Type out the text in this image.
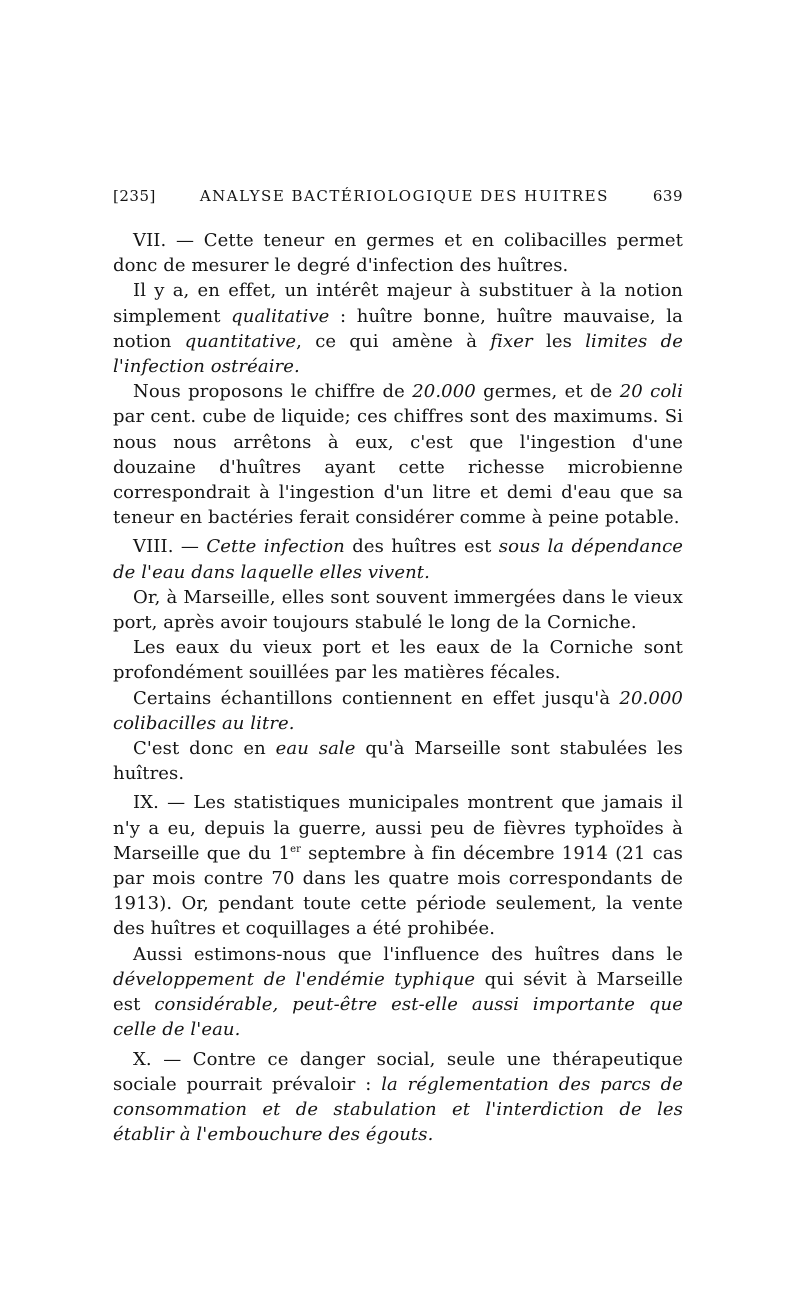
[235]	ANALYSE BACTÉRIOLOGIQUE DES HUITRES	639

VII. — Cette teneur en germes et en colibacilles permet donc de mesurer le degré d'infection des huîtres.

Il y a, en effet, un intérêt majeur à substituer à la notion simplement qualitative : huître bonne, huître mauvaise, la notion quantitative, ce qui amène à fixer les limites de l'infection ostréaire.

Nous proposons le chiffre de 20.000 germes, et de 20 coli par cent. cube de liquide; ces chiffres sont des maximums. Si nous nous arrêtons à eux, c'est que l'ingestion d'une douzaine d'huîtres ayant cette richesse microbienne correspondrait à l'ingestion d'un litre et demi d'eau que sa teneur en bactéries ferait considérer comme à peine potable.

VIII. — Cette infection des huîtres est sous la dépendance de l'eau dans laquelle elles vivent.

Or, à Marseille, elles sont souvent immergées dans le vieux port, après avoir toujours stabulé le long de la Corniche.

Les eaux du vieux port et les eaux de la Corniche sont profondément souillées par les matières fécales.

Certains échantillons contiennent en effet jusqu'à 20.000 colibacilles au litre.

C'est donc en eau sale qu'à Marseille sont stabulées les huîtres.

IX. — Les statistiques municipales montrent que jamais il n'y a eu, depuis la guerre, aussi peu de fièvres typhoïdes à Marseille que du 1er septembre à fin décembre 1914 (21 cas par mois contre 70 dans les quatre mois correspondants de 1913). Or, pendant toute cette période seulement, la vente des huîtres et coquillages a été prohibée.

Aussi estimons-nous que l'influence des huîtres dans le développement de l'endémie typhique qui sévit à Marseille est considérable, peut-être est-elle aussi importante que celle de l'eau.

X. — Contre ce danger social, seule une thérapeutique sociale pourrait prévaloir : la réglementation des parcs de consommation et de stabulation et l'interdiction de les établir à l'embouchure des égouts.
